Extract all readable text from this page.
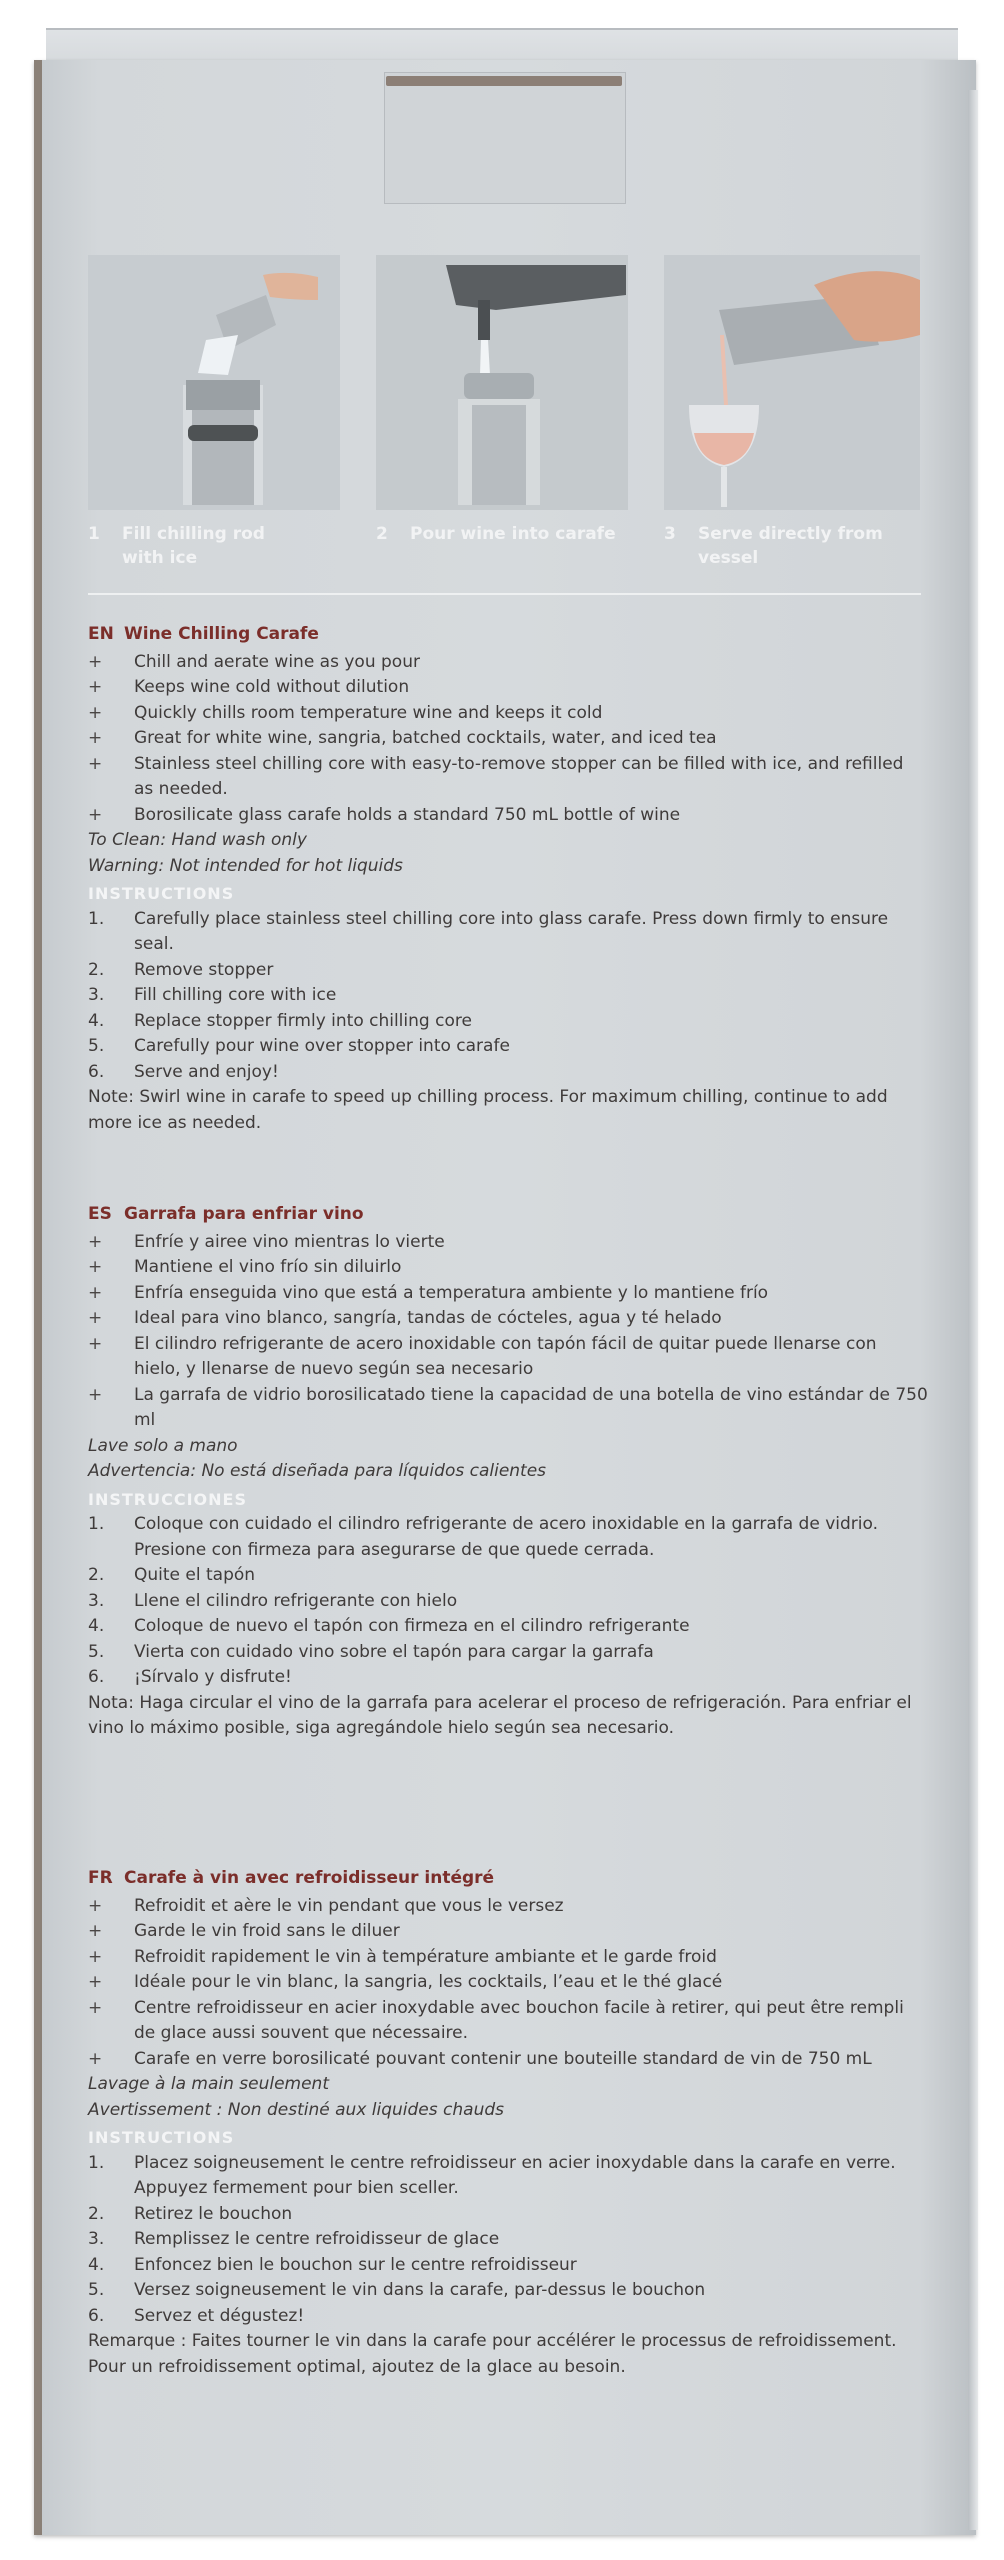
1 Fill chilling rod with ice
2 Pour wine into carafe	3 Serve directly from vessel
EN Wine Chilling Carafe
+ Chill and aerate wine as you pour
+ Keeps wine cold without dilution
+ Quickly chills room temperature wine and keeps it cold
+ Great for white wine, sangria, batched cocktails, water, and iced tea
+ Stainless steel chilling core with easy-to-remove stopper can be filled with ice, and refilled as needed.
+ Borosilicate glass carafe holds a standard 750 mL bottle of wine
To Clean: Hand wash only
Warning: Not intended for hot liquids
INSTRUCTIONS
1. Carefully place stainless steel chilling core into glass carafe. Press down firmly to ensure seal.
2. Remove stopper
3. Fill chilling core with ice
4. Replace stopper firmly into chilling core
5. Carefully pour wine over stopper into carafe
6. Serve and enjoy!
Note: Swirl wine in carafe to speed up chilling process. For maximum chilling, continue to add more ice as needed.
ES Garrafa para enfriar vino
+ Enfríe y airee vino mientras lo vierte
+ Mantiene el vino frío sin diluirlo
+ Enfría enseguida vino que está a temperatura ambiente y lo mantiene frío
+ Ideal para vino blanco, sangría, tandas de cócteles, agua y té helado
+ El cilindro refrigerante de acero inoxidable con tapón fácil de quitar puede llenarse con hielo, y llenarse de nuevo según sea necesario
+ La garrafa de vidrio borosilicatado tiene la capacidad de una botella de vino estándar de 750 ml
Lave solo a mano
Advertencia: No está diseñada para líquidos calientes
INSTRUCCIONES
1. Coloque con cuidado el cilindro refrigerante de acero inoxidable en la garrafa de vidrio. Presione con firmeza para asegurarse de que quede cerrada.
2. Quite el tapón
3. Llene el cilindro refrigerante con hielo
4. Coloque de nuevo el tapón con firmeza en el cilindro refrigerante
5. Vierta con cuidado vino sobre el tapón para cargar la garrafa
6. ¡Sírvalo y disfrute!
Nota: Haga circular el vino de la garrafa para acelerar el proceso de refrigeración. Para enfriar el vino lo máximo posible, siga agregándole hielo según sea necesario.
FR Carafe à vin avec refroidisseur intégré
+ Refroidit et aère le vin pendant que vous le versez
+ Garde le vin froid sans le diluer
+ Refroidit rapidement le vin à température ambiante et le garde froid
+ Idéale pour le vin blanc, la sangria, les cocktails, l’eau et le thé glacé
+ Centre refroidisseur en acier inoxydable avec bouchon facile à retirer, qui peut être rempli de glace aussi souvent que nécessaire.
+ Carafe en verre borosilicaté pouvant contenir une bouteille standard de vin de 750 mL
Lavage à la main seulement
Avertissement : Non destiné aux liquides chauds
INSTRUCTIONS
1. Placez soigneusement le centre refroidisseur en acier inoxydable dans la carafe en verre. Appuyez fermement pour bien sceller.
2. Retirez le bouchon
3. Remplissez le centre refroidisseur de glace
4. Enfoncez bien le bouchon sur le centre refroidisseur
5. Versez soigneusement le vin dans la carafe, par-dessus le bouchon
6. Servez et dégustez!
Remarque : Faites tourner le vin dans la carafe pour accélérer le processus de refroidissement. Pour un refroidissement optimal, ajoutez de la glace au besoin.
